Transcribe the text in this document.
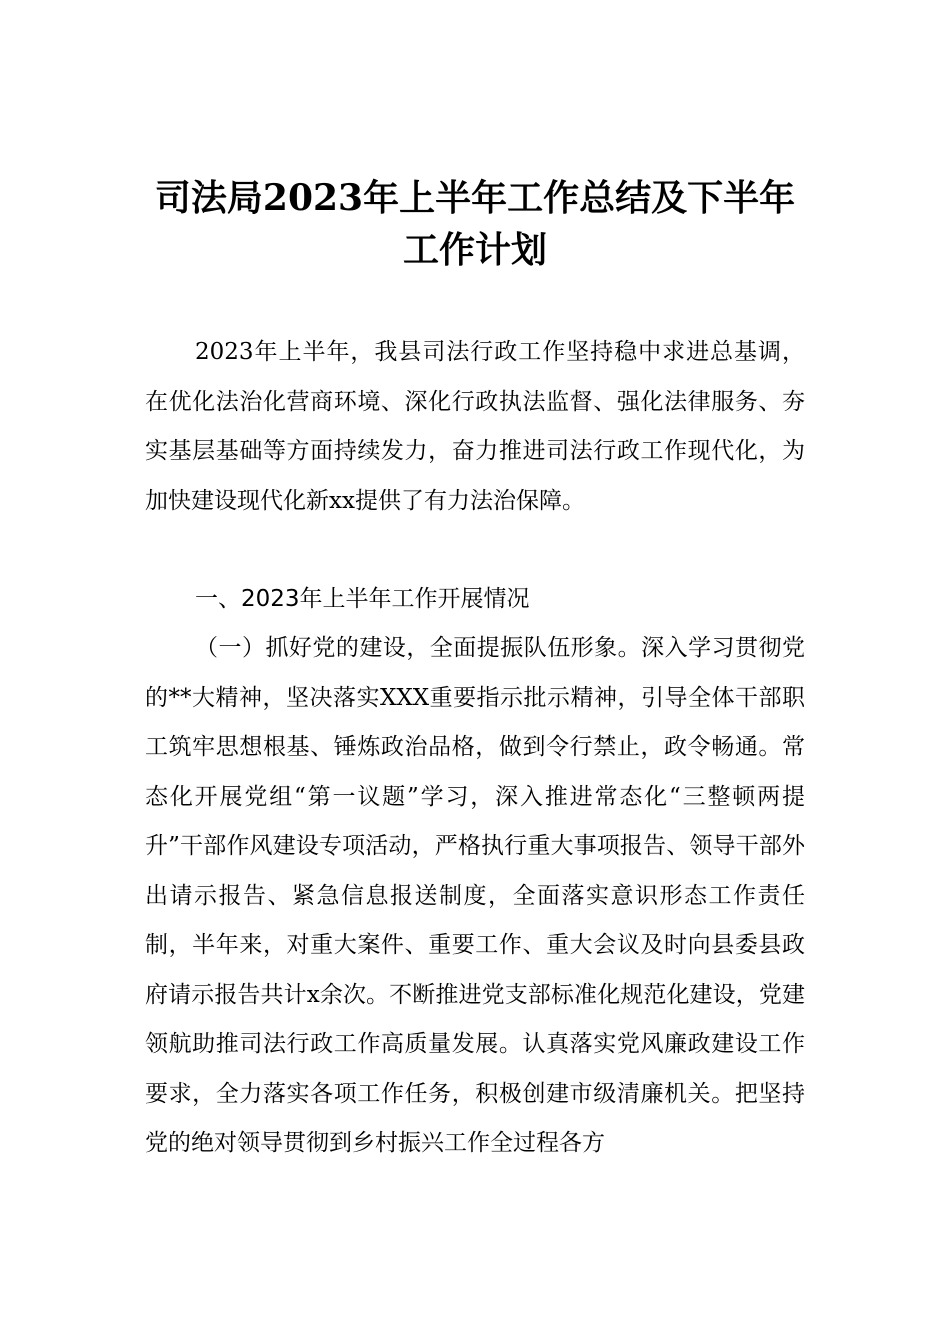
司法局2023年上半年工作总结及下半年工作计划

2023年上半年，我县司法行政工作坚持稳中求进总基调，在优化法治化营商环境、深化行政执法监督、强化法律服务、夯实基层基础等方面持续发力，奋力推进司法行政工作现代化，为加快建设现代化新xx提供了有力法治保障。

一、2023年上半年工作开展情况

（一）抓好党的建设，全面提振队伍形象。深入学习贯彻党的**大精神，坚决落实XXX重要指示批示精神，引导全体干部职工筑牢思想根基、锤炼政治品格，做到令行禁止，政令畅通。常态化开展党组“第一议题”学习，深入推进常态化“三整顿两提升”干部作风建设专项活动，严格执行重大事项报告、领导干部外出请示报告、紧急信息报送制度，全面落实意识形态工作责任制，半年来，对重大案件、重要工作、重大会议及时向县委县政府请示报告共计x余次。不断推进党支部标准化规范化建设，党建领航助推司法行政工作高质量发展。认真落实党风廉政建设工作要求，全力落实各项工作任务，积极创建市级清廉机关。把坚持党的绝对领导贯彻到乡村振兴工作全过程各方
